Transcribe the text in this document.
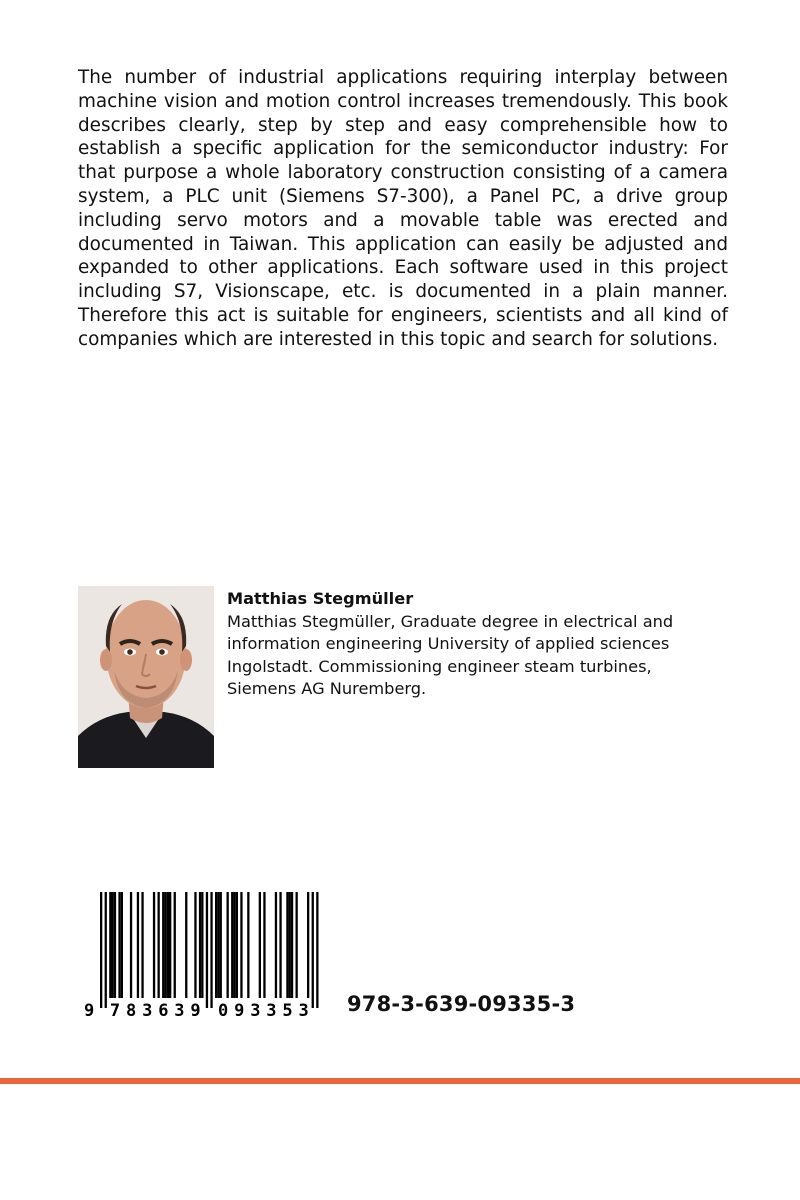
The number of industrial applications requiring interplay between machine vision and motion control increases tremendously. This book describes clearly, step by step and easy comprehensible how to establish a specific application for the semiconductor industry: For that purpose a whole laboratory construction consisting of a camera system, a PLC unit (Siemens S7-300), a Panel PC, a drive group including servo motors and a movable table was erected and documented in Taiwan. This application can easily be adjusted and expanded to other applications. Each software used in this project including S7, Visionscape, etc. is documented in a plain manner. Therefore this act is suitable for engineers, scientists and all kind of companies which are interested in this topic and search for solutions.

Matthias Stegmüller

Matthias Stegmüller, Graduate degree in electrical and information engineering University of applied sciences Ingolstadt. Commissioning engineer steam turbines, Siemens AG Nuremberg.

9 7 8 3 6 3 9 0 9 3 3 5 3 978-3-639-09335-3
